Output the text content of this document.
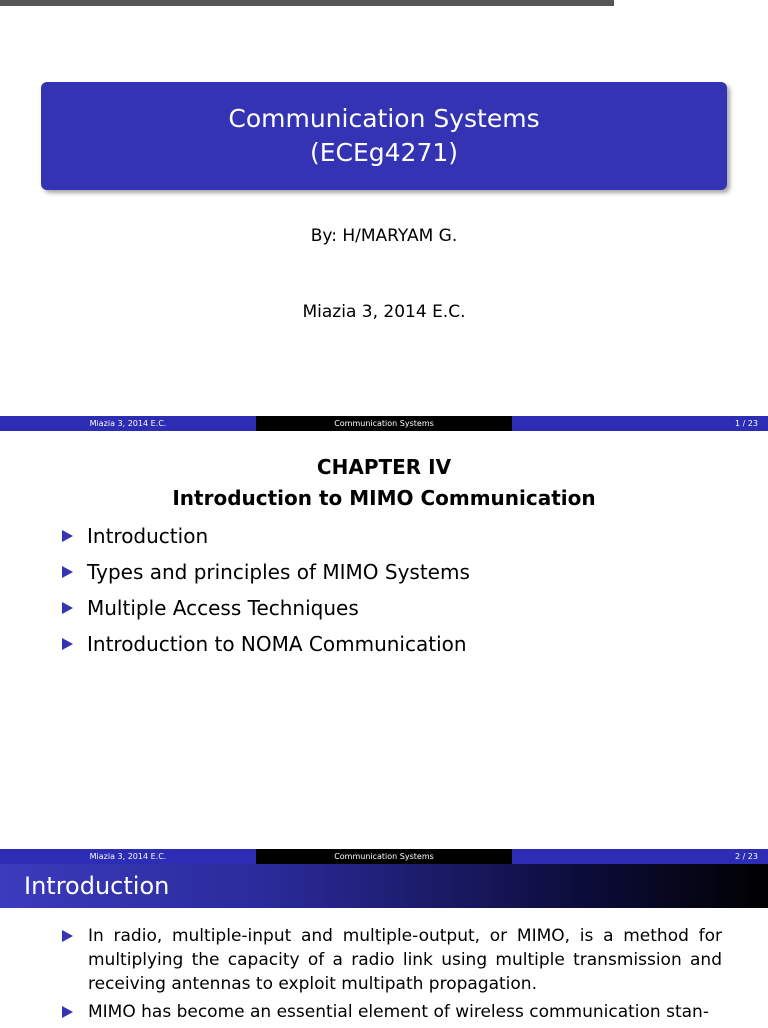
Communication Systems
(ECEg4271)
By: H/MARYAM G.
Miazia 3, 2014 E.C.
Miazia 3, 2014 E.C.	Communication Systems	1 / 23
CHAPTER IV
Introduction to MIMO Communication
Introduction
Types and principles of MIMO Systems
Multiple Access Techniques
Introduction to NOMA Communication
Miazia 3, 2014 E.C.	Communication Systems	2 / 23
Introduction
In radio, multiple-input and multiple-output, or MIMO, is a method for multiplying the capacity of a radio link using multiple transmission and receiving antennas to exploit multipath propagation.
MIMO has become an essential element of wireless communication stan-
